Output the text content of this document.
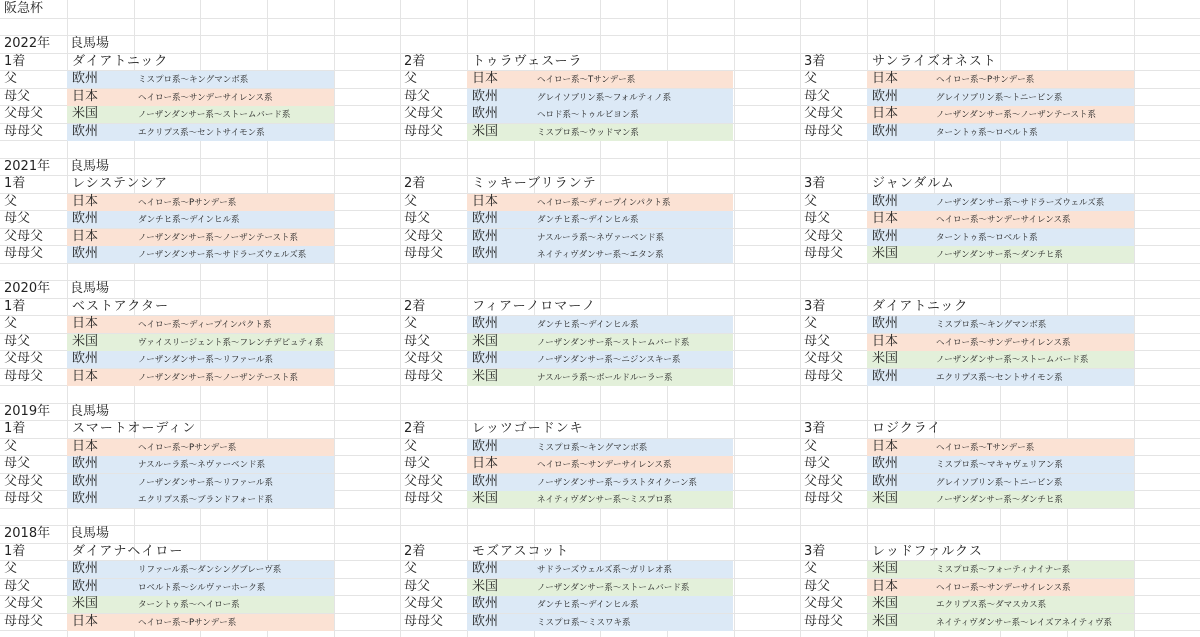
阪急杯
2022年 良馬場
1着	ダイアトニック
父	欧州	ミスプロ系～キングマンボ系
母父	日本	ヘイロー系～サンデーサイレンス系
父母父 米国	ノーザンダンサー系～ストームバード系
母母父 欧州	エクリプス系～セントサイモン系
2着	トゥラヴェスーラ
父	日本	ヘイロー系～Tサンデー系
母父	欧州	グレイソブリン系～フォルティノ系
父母父 欧州	ヘロド系～トゥルビヨン系
母母父 米国	ミスプロ系～ウッドマン系
3着	サンライズオネスト
父	日本	ヘイロー系～Pサンデー系
母父	欧州	グレイソブリン系～トニービン系
父母父 日本	ノーザンダンサー系～ノーザンテースト系
母母父 欧州	ターントゥ系～ロベルト系
2021年 良馬場
1着	レシステンシア
父	日本	ヘイロー系～Pサンデー系
母父	欧州	ダンチヒ系～デインヒル系
父母父 日本	ノーザンダンサー系～ノーザンテースト系
母母父 欧州	ノーザンダンサー系～サドラーズウェルズ系
2着	ミッキーブリランテ
父	日本	ヘイロー系～ディープインパクト系
母父	欧州	ダンチヒ系～デインヒル系
父母父 欧州	ナスルーラ系～ネヴァーベンド系
母母父 欧州	ネイティヴダンサー系～エタン系
3着	ジャンダルム
父	欧州	ノーザンダンサー系～サドラーズウェルズ系
母父	日本	ヘイロー系～サンデーサイレンス系
父母父 欧州	ターントゥ系～ロベルト系
母母父 米国	ノーザンダンサー系～ダンチヒ系
2020年 良馬場
1着	ベストアクター
父	日本	ヘイロー系～ディープインパクト系
母父	米国	ヴァイスリージェント系～フレンチデピュティ系
父母父 欧州	ノーザンダンサー系～リファール系
母母父 日本	ノーザンダンサー系～ノーザンテースト系
2着	フィアーノロマーノ
父	欧州	ダンチヒ系～デインヒル系
母父	米国	ノーザンダンサー系～ストームバード系
父母父 欧州	ノーザンダンサー系～ニジンスキー系
母母父 米国	ナスルーラ系～ボールドルーラー系
3着	ダイアトニック
父	欧州	ミスプロ系～キングマンボ系
母父	日本	ヘイロー系～サンデーサイレンス系
父母父 米国	ノーザンダンサー系～ストームバード系
母母父 欧州	エクリプス系～セントサイモン系
2019年 良馬場
1着	スマートオーディン
父	日本	ヘイロー系～Pサンデー系
母父	欧州	ナスルーラ系～ネヴァーベンド系
父母父 欧州	ノーザンダンサー系～リファール系
母母父 欧州	エクリプス系～ブランドフォード系
2着	レッツゴードンキ
父	欧州	ミスプロ系～キングマンボ系
母父	日本	ヘイロー系～サンデーサイレンス系
父母父 欧州	ノーザンダンサー系～ラストタイクーン系
母母父 米国	ネイティヴダンサー系～ミスプロ系
3着	ロジクライ
父	日本	ヘイロー系～Tサンデー系
母父	欧州	ミスプロ系～マキャヴェリアン系
父母父 欧州	グレイソブリン系～トニービン系
母母父 米国	ノーザンダンサー系～ダンチヒ系
2018年 良馬場
1着	ダイアナヘイロー
父	欧州	リファール系～ダンシングブレーヴ系
母父	欧州	ロベルト系～シルヴァーホーク系
父母父 米国	ターントゥ系～ヘイロー系
母母父 日本	ヘイロー系～Pサンデー系
2着	モズアスコット
父	欧州	サドラーズウェルズ系～ガリレオ系
母父	米国	ノーザンダンサー系～ストームバード系
父母父 欧州	ダンチヒ系～デインヒル系
母母父 欧州	ミスプロ系～ミスワキ系
3着	レッドファルクス
父	米国	ミスプロ系～フォーティナイナー系
母父	日本	ヘイロー系～サンデーサイレンス系
父母父 米国	エクリプス系～ダマスカス系
母母父 米国	ネイティヴダンサー系～レイズアネイティヴ系
